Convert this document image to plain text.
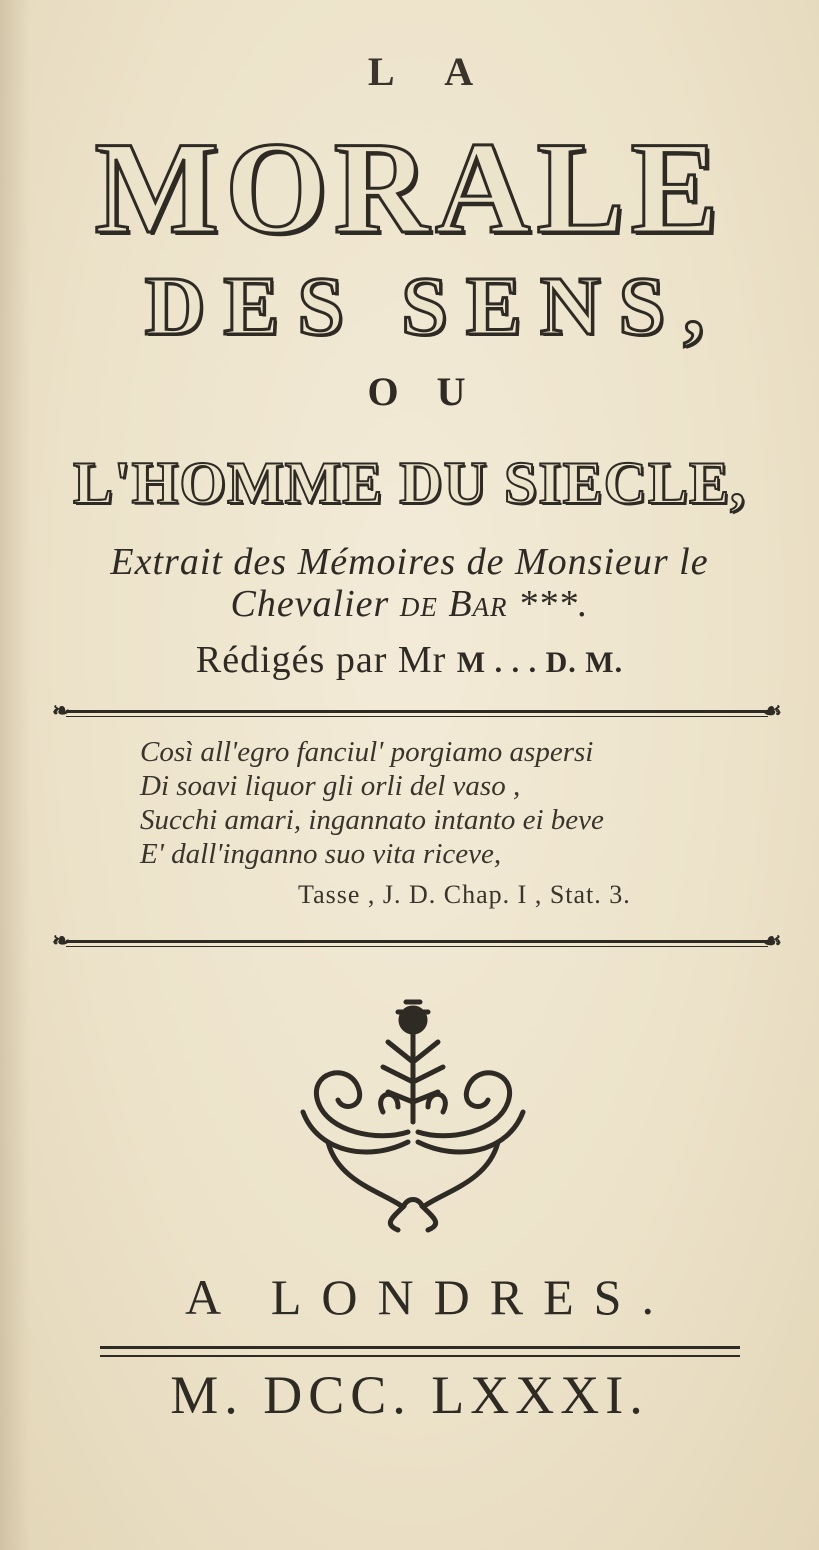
L A
MORALE
DES SENS,
O U
L'HOMME DU SIECLE,
Extrait des Mémoires de Monsieur le
Chevalier de Bar ***.
Rédigés par Mr M . . . D. M.
❧	☙
Così all'egro fanciul' porgiamo aspersi
Di soavi liquor gli orli del vaso ,
Succhi amari, ingannato intanto ei beve
E' dall'inganno suo vita riceve,
Tasse , J. D. Chap. I , Stat. 3.
❧	☙
A LONDRES.
M. DCC. LXXXI.
